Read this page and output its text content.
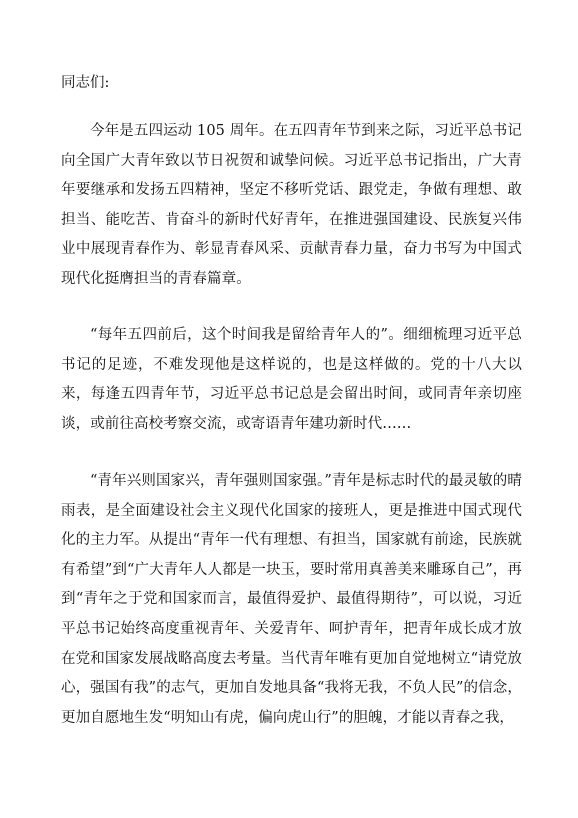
同志们:

今年是五四运动 105 周年。在五四青年节到来之际，习近平总书记向全国广大青年致以节日祝贺和诚挚问候。习近平总书记指出，广大青年要继承和发扬五四精神，坚定不移听党话、跟党走，争做有理想、敢担当、能吃苦、肯奋斗的新时代好青年，在推进强国建设、民族复兴伟业中展现青春作为、彰显青春风采、贡献青春力量，奋力书写为中国式现代化挺膺担当的青春篇章。

“每年五四前后，这个时间我是留给青年人的”。细细梳理习近平总书记的足迹，不难发现他是这样说的，也是这样做的。党的十八大以来，每逢五四青年节，习近平总书记总是会留出时间，或同青年亲切座谈，或前往高校考察交流，或寄语青年建功新时代……

“青年兴则国家兴，青年强则国家强。”青年是标志时代的最灵敏的晴雨表，是全面建设社会主义现代化国家的接班人，更是推进中国式现代化的主力军。从提出“青年一代有理想、有担当，国家就有前途，民族就有希望”到“广大青年人人都是一块玉，要时常用真善美来雕琢自己”，再到“青年之于党和国家而言，最值得爱护、最值得期待”，可以说，习近平总书记始终高度重视青年、关爱青年、呵护青年，把青年成长成才放在党和国家发展战略高度去考量。当代青年唯有更加自觉地树立“请党放心，强国有我”的志气，更加自发地具备“我将无我，不负人民”的信念，更加自愿地生发“明知山有虎，偏向虎山行”的胆魄，才能以青春之我，
